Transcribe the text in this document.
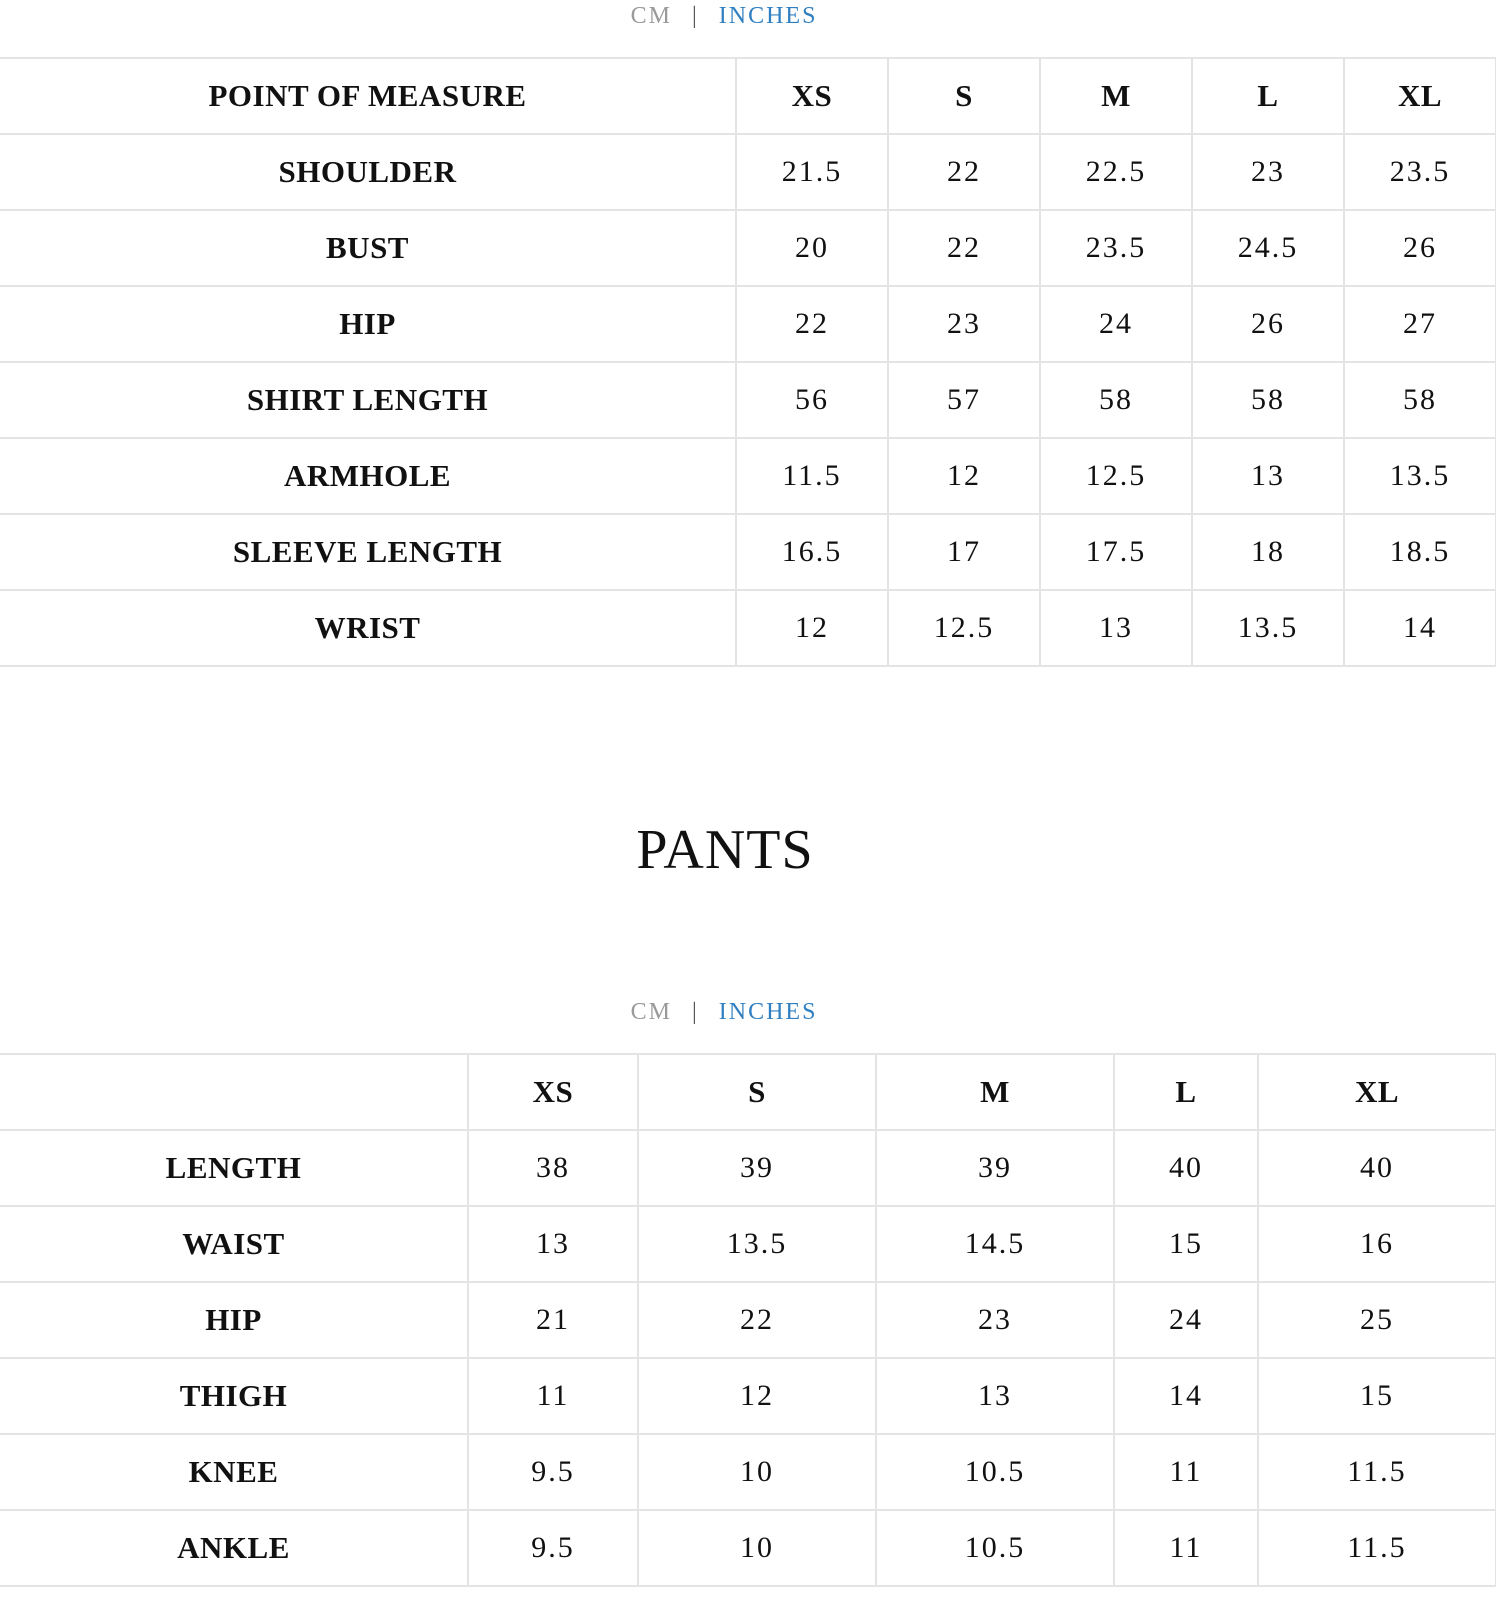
CM | INCHES
POINT OF MEASURE	XS	S	M	L	XL
SHOULDER	21.5	22	22.5	23	23.5
BUST	20	22	23.5	24.5	26
HIP	22	23	24	26	27
SHIRT LENGTH	56	57	58	58	58
ARMHOLE	11.5	12	12.5	13	13.5
SLEEVE LENGTH	16.5	17	17.5	18	18.5
WRIST	12	12.5	13	13.5	14
PANTS
CM | INCHES
	XS	S	M	L	XL
LENGTH	38	39	39	40	40
WAIST	13	13.5	14.5	15	16
HIP	21	22	23	24	25
THIGH	11	12	13	14	15
KNEE	9.5	10	10.5	11	11.5
ANKLE	9.5	10	10.5	11	11.5
